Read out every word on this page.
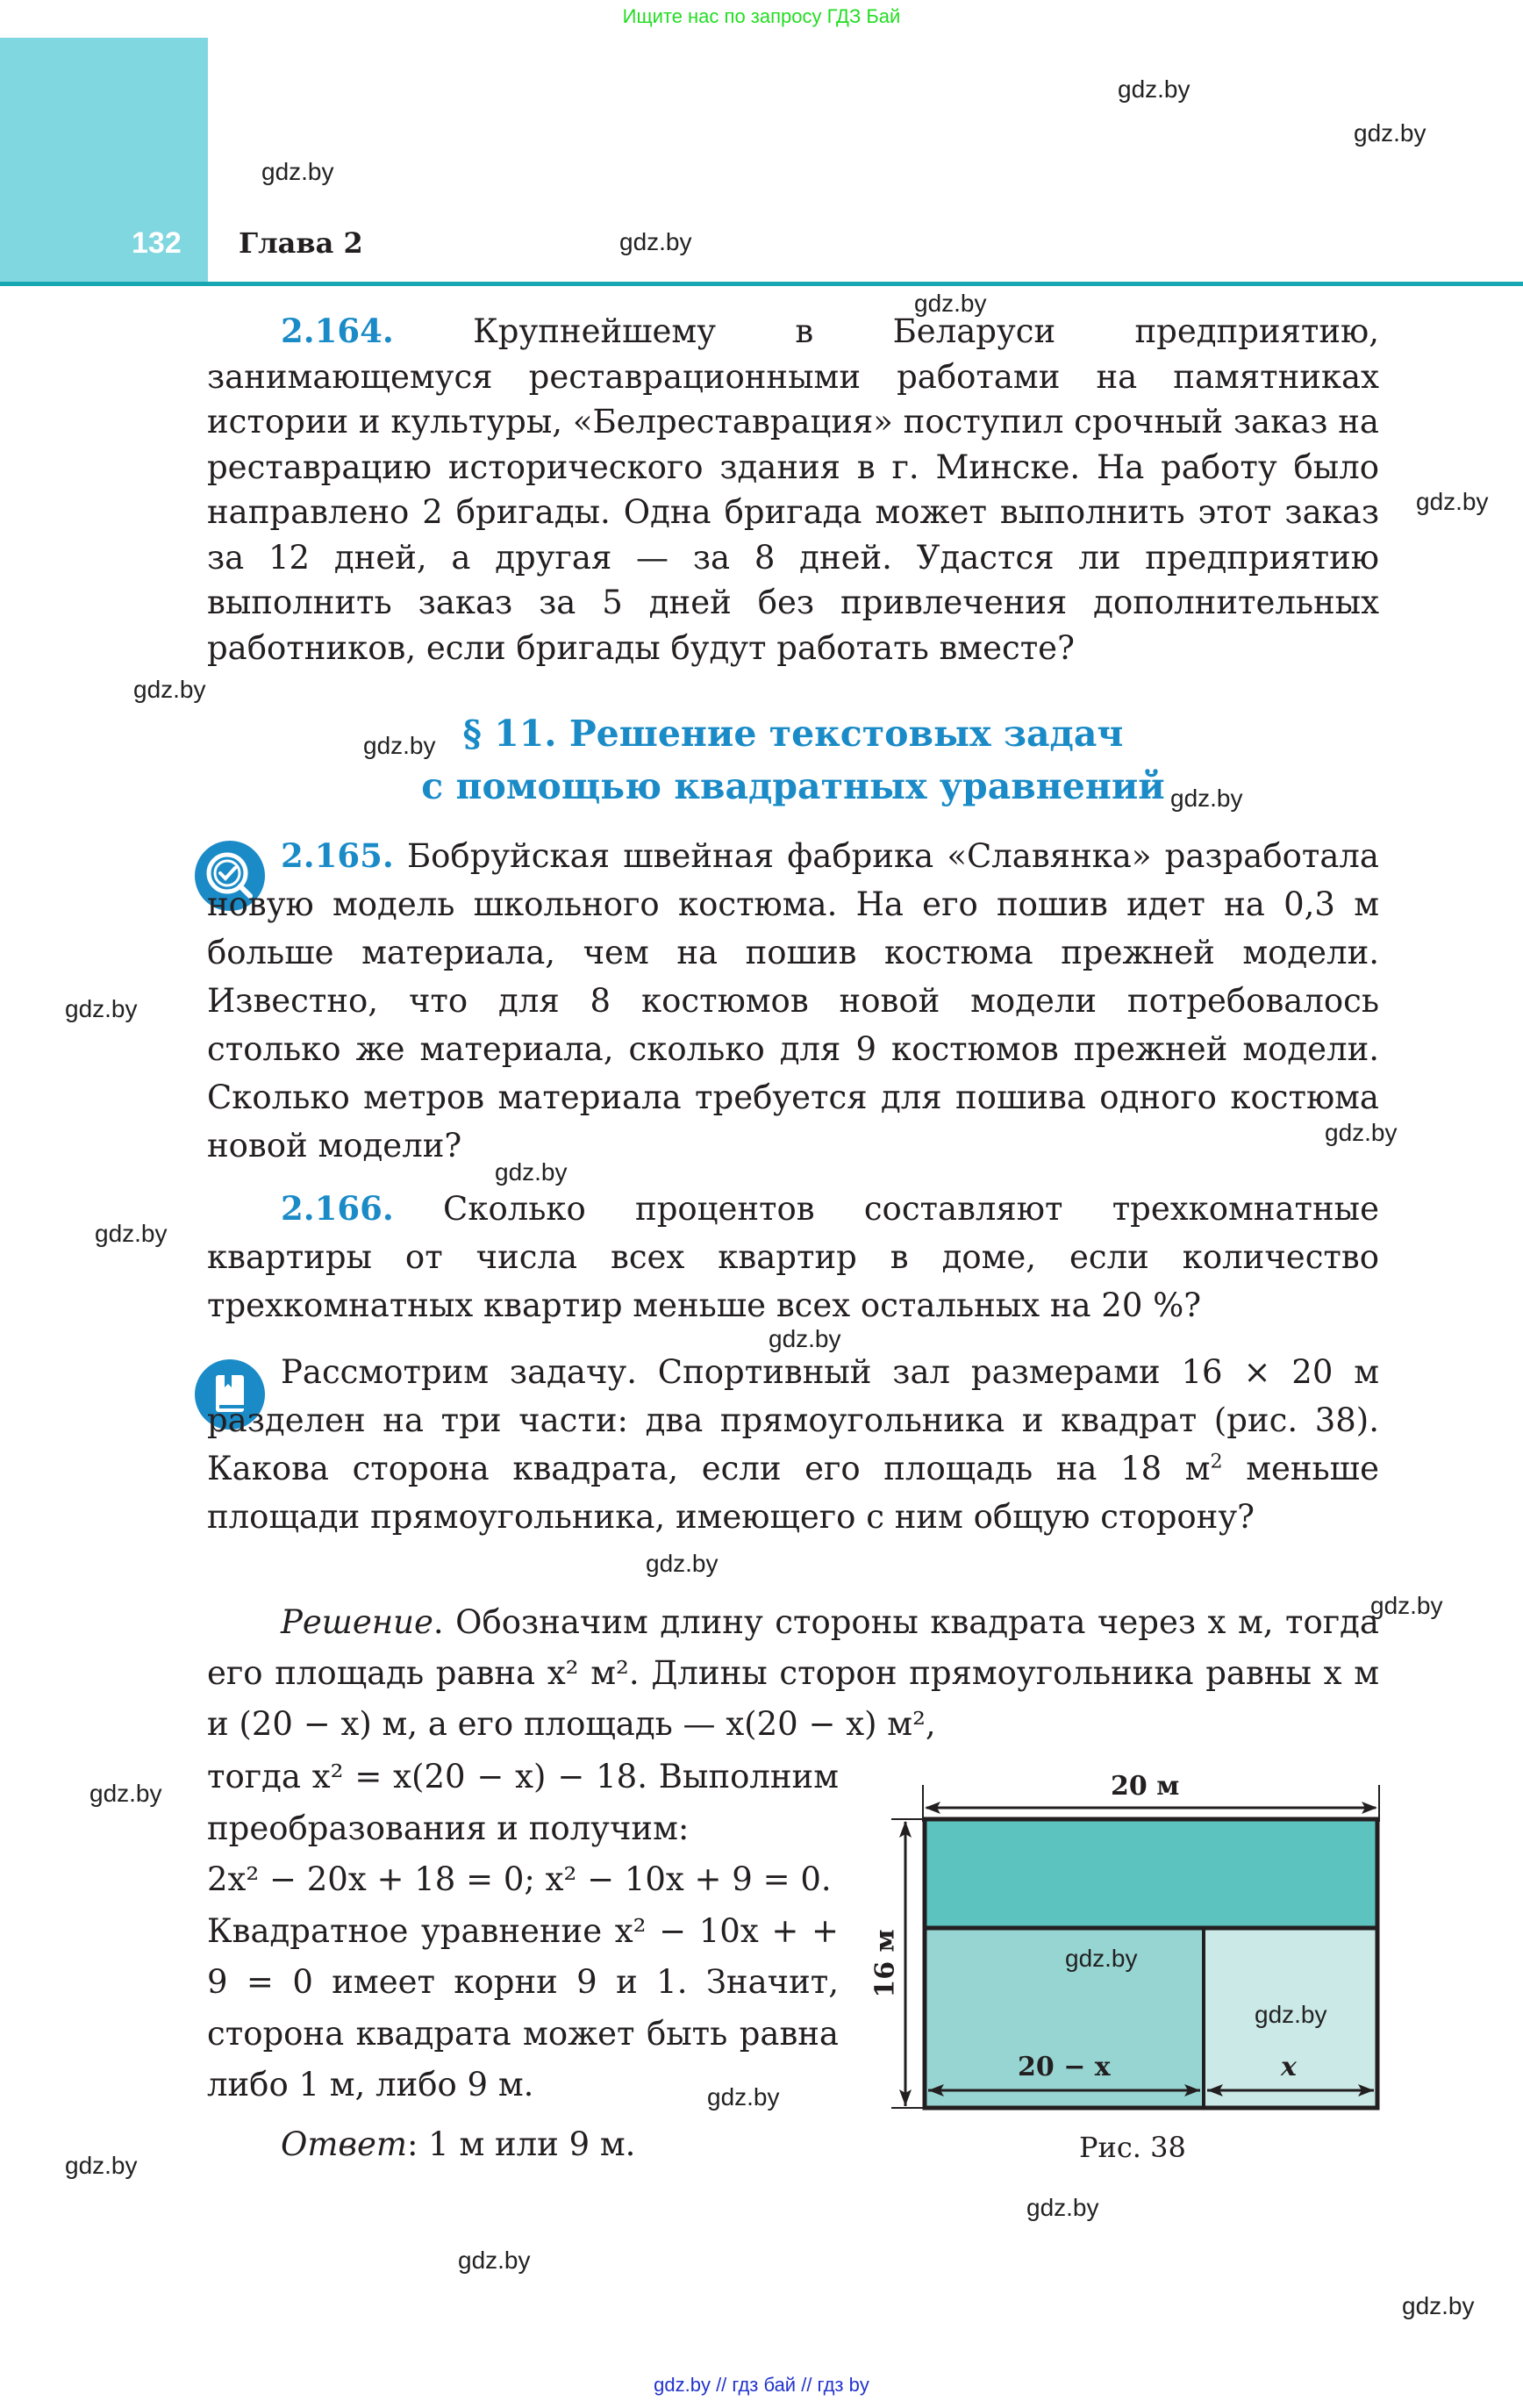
Ищите нас по запросу ГДЗ Бай
132 Глава 2

2.164. Крупнейшему в Беларуси предприятию, занимающемуся реставрационными работами на памятниках истории и культуры, «Белреставрация» поступил срочный заказ на реставрацию исторического здания в г. Минске. На работу было направлено 2 бригады. Одна бригада может выполнить этот заказ за 12 дней, а другая — за 8 дней. Удастся ли предприятию выполнить заказ за 5 дней без привлечения дополнительных работников, если бригады будут работать вместе?

§ 11. Решение текстовых задач
с помощью квадратных уравнений

2.165. Бобруйская швейная фабрика «Славянка» разработала новую модель школьного костюма. На его пошив идет на 0,3 м больше материала, чем на пошив костюма прежней модели. Известно, что для 8 костюмов новой модели потребовалось столько же материала, сколько для 9 костюмов прежней модели. Сколько метров материала требуется для пошива одного костюма новой модели?

2.166. Сколько процентов составляют трехкомнатные квартиры от числа всех квартир в доме, если количество трехкомнатных квартир меньше всех остальных на 20 %?

Рассмотрим задачу. Спортивный зал размерами 16 × 20 м разделен на три части: два прямоугольника и квадрат (рис. 38). Какова сторона квадрата, если его площадь на 18 $м^2$ меньше площади прямоугольника, имеющего с ним общую сторону?

Решение. Обозначим длину стороны квадрата через x м, тогда его площадь равна x² м². Длины сторон прямоугольника равны x м и (20 − x) м, а его площадь — x(20 − x) м²,

тогда x² = x(20 − x) − 18. Выполним преобразования и получим:

2x² − 20x + 18 = 0; x² − 10x + 9 = 0.

Квадратное уравнение x² − 10x + + 9 = 0 имеет корни 9 и 1. Значит, сторона квадрата может быть равна либо 1 м, либо 9 м.

Ответ: 1 м или 9 м.

20 м
16 м
20 − x	x
Рис. 38
gdz.by
gdz.by
gdz.by
gdz.by
gdz.by
gdz.by
gdz.by
gdz.by
gdz.by
gdz.by
gdz.by
gdz.by
gdz.by
gdz.by
gdz.by
gdz.by
gdz.by
gdz.by
gdz.by
gdz.by
gdz.by
gdz.by
gdz.by
gdz.by
gdz.by // гдз бай // гдз by
